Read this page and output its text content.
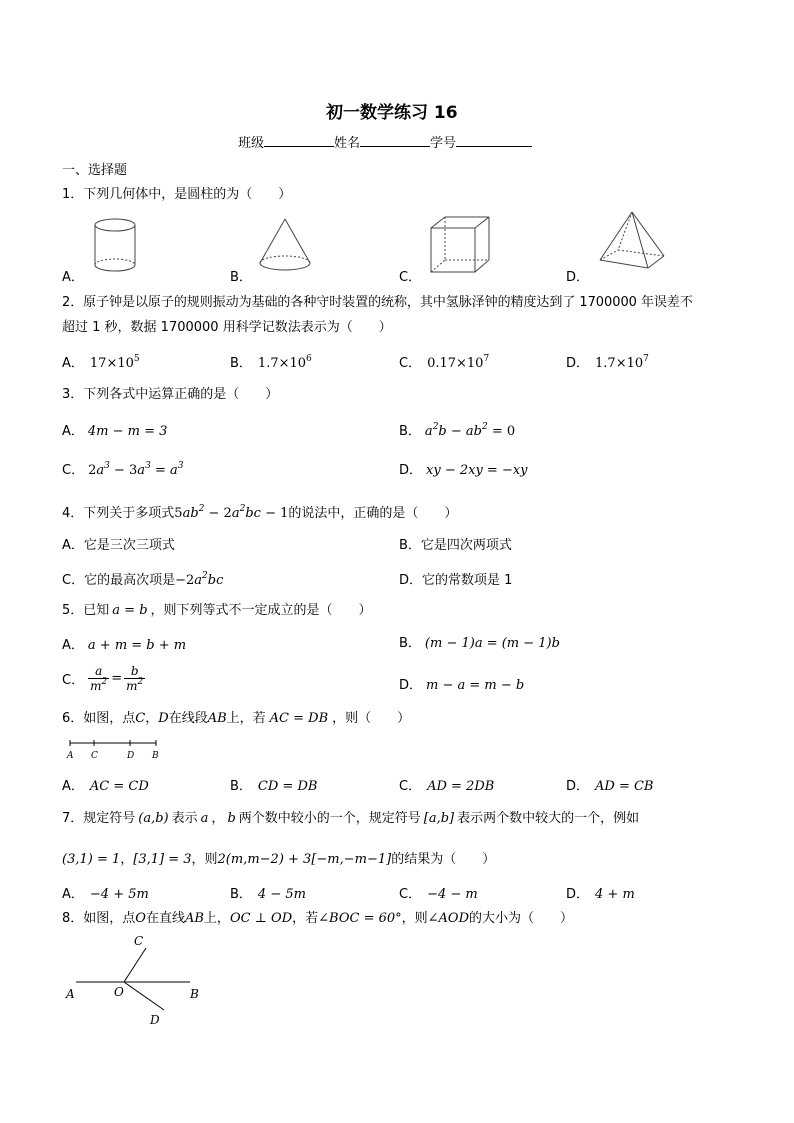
初一数学练习 16
班级	姓名	学号
一、选择题
1．下列几何体中，是圆柱的为（　　）
A．	B．	C．	D．
2．原子钟是以原子的规则振动为基础的各种守时装置的统称，其中氢脉泽钟的精度达到了 1700000 年误差不
超过 1 秒，数据 1700000 用科学记数法表示为（　　）
A． $17\times 10^5$	B． $1.7\times 10^6$	C． $0.17\times 10^7$	D． $1.7\times 10^7$
3．下列各式中运算正确的是（　　）
A． 4m − m = 3	B． $a^2b - ab^2 = 0$
C． $2a^3 - 3a^3 = a^3$	D． xy − 2xy = −xy
4．下列关于多项式$5ab^2 - 2a^2bc - 1$的说法中，正确的是（　　）
A．它是三次三项式	B．它是四次两项式
C．它的最高次项是$-2a^2bc$	D．它的常数项是 1
5．已知 a = b ，则下列等式不一定成立的是（　　）
A． a + m = b + m	B． (m − 1)a = (m − 1)b
C． $\frac{a}{m^2} = \frac{b}{m^2}$	D． m − a = m − b
6．如图，点C，D在线段AB上，若 AC = DB ，则（　　）
A C	D B
A． AC = CD	B． CD = DB	C． AD = 2DB	D． AD = CB
7．规定符号 (a,b) 表示 a ， b 两个数中较小的一个，规定符号 [a,b] 表示两个数中较大的一个，例如
(3,1) = 1，[3,1] = 3，则2(m,m−2) + 3[−m,−m−1]的结果为（　　）
A． −4 + 5m	B． 4 − 5m	C． −4 − m	D． 4 + m
8．如图，点O在直线AB上，OC ⊥ OD，若∠BOC = 60°，则∠AOD的大小为（　　）
C
A	O	B
D
